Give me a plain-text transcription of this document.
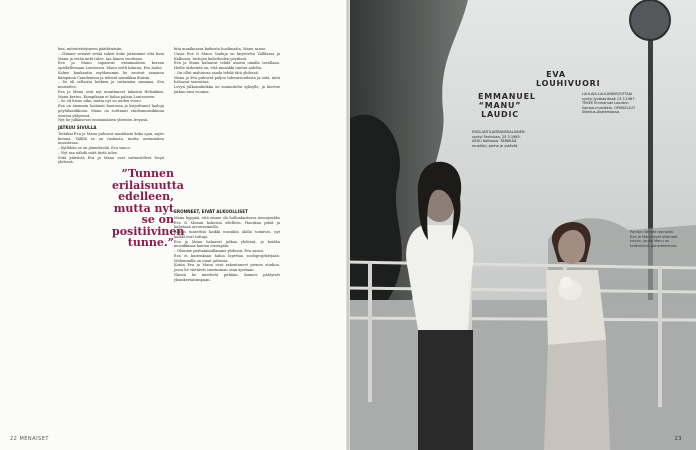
baa, mitenteistytneen päättämisiin.

– Olimme veineet vetää rakeit koko juttuimme että kuin Manu ja vetää mitä tulee, taa hänen vuoriinsa.

Eva ja Manu tapasivat ensimmäisen kerran opiskellessaan Lontoossa. Manu soitti kitaraa, Eva lauloi.

Kolme kuukautta myöhemmin he asuivat samassa kämpässä Camdenissa ja tekivät musiikkia iltaisin.

– Se oli sellaista hetkien ja sattumien summaa, Eva muistelee.

Eva ja Manu ovat nyt muuttaneet takaisin Helsinkiin, Manu kertoo. Kumpikaan ei halua palata Lontooseen.

– Se oli hieno aika, mutta nyt on uuden vuoro.

Eva on aiemmin laulanut kuorossa ja kirjoittanut lauluja pöytälaatikkoon. Manu on soittanut studiomuusikkona useissa yhtyeissä.

Nyt he julkaisevat ensimmäisen yhteisen levynsä.

JATKUU SIVULLA

Tottakai Eva ja Manu puhuvat musiikista koko ajan, myös kotona. Välillä se on raskasta, mutta useimmiten innostavaa.

– Kyllähän se on jännittävää, Eva sanoo.

– Nyt saa nähdä mitä tästä tulee.

Siitä päivästä Eva ja Manu ovat valmistelleet levyä yhdessä.

bita maailmassa kaikesta huolimatta, Manu sanoo.

Uusia Eva & Manu -lauluja on kirjoitettu Vallilassa ja Kalliossa, tuttujen kahviloiden pöydissä.

Eva ja Manu haluavat tehdä asioita omalla tavallaan. Heille tärkeintä on, että musiikki tuntuu aidolta.

– On ollut mahtavaa saada tehdä tätä yhdessä.

Manu ja Eva puhuvat paljon tulevaisuudesta ja siitä, mitä haluavat saavuttaa.

Levyn julkaisukeikka on suunniteltu syksylle, ja kiertue jatkuu ensi vuonna.

”Tunnen erilaisuutta edelleen, mutta nyt se on positiivinen tunne.”

ERONNEET, EIVÄT ALKUOLLISET

Manu hyppää, että emme ole hullunkuriseva menojoukko Eva & Manun kokoisia edelleen. Hauskaa pitää ja kuljetaan arvonvainiolla.

Ennen tuntettiin kaikki musiikin alalla toimivat, nyt kaikki ovat tuttuja.

Eva ja Manu haluavat jatkaa yhdessä, ja heidän musiikkinsa kantaa eteenpäin.

– Olemme parhaimmillamme yhdessä, Eva sanoo.

Eva ei kuitenkaan halua lopettaa sooloprojektejaan. Molemmilla on omat juttunsa.

Kotiin Eva ja Manu ovat rakentaneet pienen studion, jossa he viettävät suurimman osan ajastaan.

Nimeä he miettivät pitkään, kunnes päätyivät yksinkertaisimpaan.

22 MENAISET
EMMANUEL “MANU” LAUDIC
ENGLANTILAISRANSKALAINEN syntyi Pariisissa, 25.3.1985. ASUU Kalliossa. TÄRKEÄÄ musiikki, perhe ja ystävät.
EVA LOUHIVUORI
LAULAJA-LAULUNKIRJOITTAJA syntyi Jyväskylässä 23.3.1987. TEKEE Emmanuel Laudicin kanssa musiikkia. OPISKELLUT Sibelius-Akatemiassa.
Pariisin Seinen rannoilla Eva ja Manu ovat ottaneet kuvan, jonka Manu on tallentanut puhelimeensa.
23
